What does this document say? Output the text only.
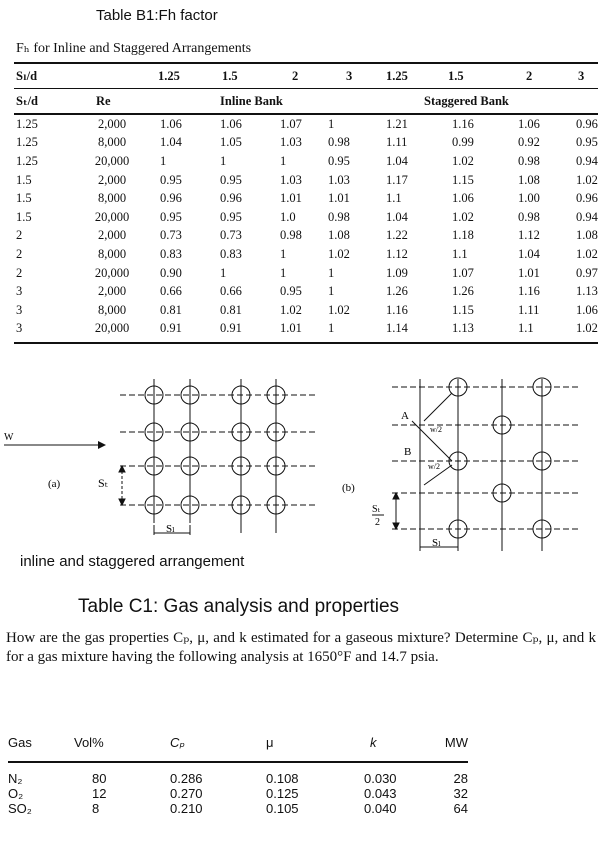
Table B1:Fh factor
Fₕ for Inline and Staggered Arrangements
Sₗ/d		1.25	1.5	2	3	1.25	1.5	2	3
Sₜ/d	Re	Inline Bank				Staggered Bank			
1.25	2,000	1.06	1.06	1.07	1	1.21	1.16	1.06	0.96
1.25	8,000	1.04	1.05	1.03	0.98	1.11	0.99	0.92	0.95
1.25	20,000	1	1	1	0.95	1.04	1.02	0.98	0.94
1.5	2,000	0.95	0.95	1.03	1.03	1.17	1.15	1.08	1.02
1.5	8,000	0.96	0.96	1.01	1.01	1.1	1.06	1.00	0.96
1.5	20,000	0.95	0.95	1.0	0.98	1.04	1.02	0.98	0.94
2	2,000	0.73	0.73	0.98	1.08	1.22	1.18	1.12	1.08
2	8,000	0.83	0.83	1	1.02	1.12	1.1	1.04	1.02
2	20,000	0.90	1	1	1	1.09	1.07	1.01	0.97
3	2,000	0.66	0.66	0.95	1	1.26	1.26	1.16	1.13
3	8,000	0.81	0.81	1.02	1.02	1.16	1.15	1.11	1.06
3	20,000	0.91	0.91	1.01	1	1.14	1.13	1.1	1.02
W
(a)	Sₜ
Sₗ
(b)
Sₜ
2
A
B
w/2
w/2
Sₗ
inline and staggered arrangement
Table C1: Gas analysis and properties
How are the gas properties Cₚ, μ, and k estimated for a gaseous mixture? Determine Cₚ, μ, and k for a gas mixture having the following analysis at 1650°F and 14.7 psia.
Gas	Vol%	Cₚ	μ	k	MW
N₂	80	0.286	0.108	0.030	28
O₂	12	0.270	0.125	0.043	32
SO₂	8	0.210	0.105	0.040	64
